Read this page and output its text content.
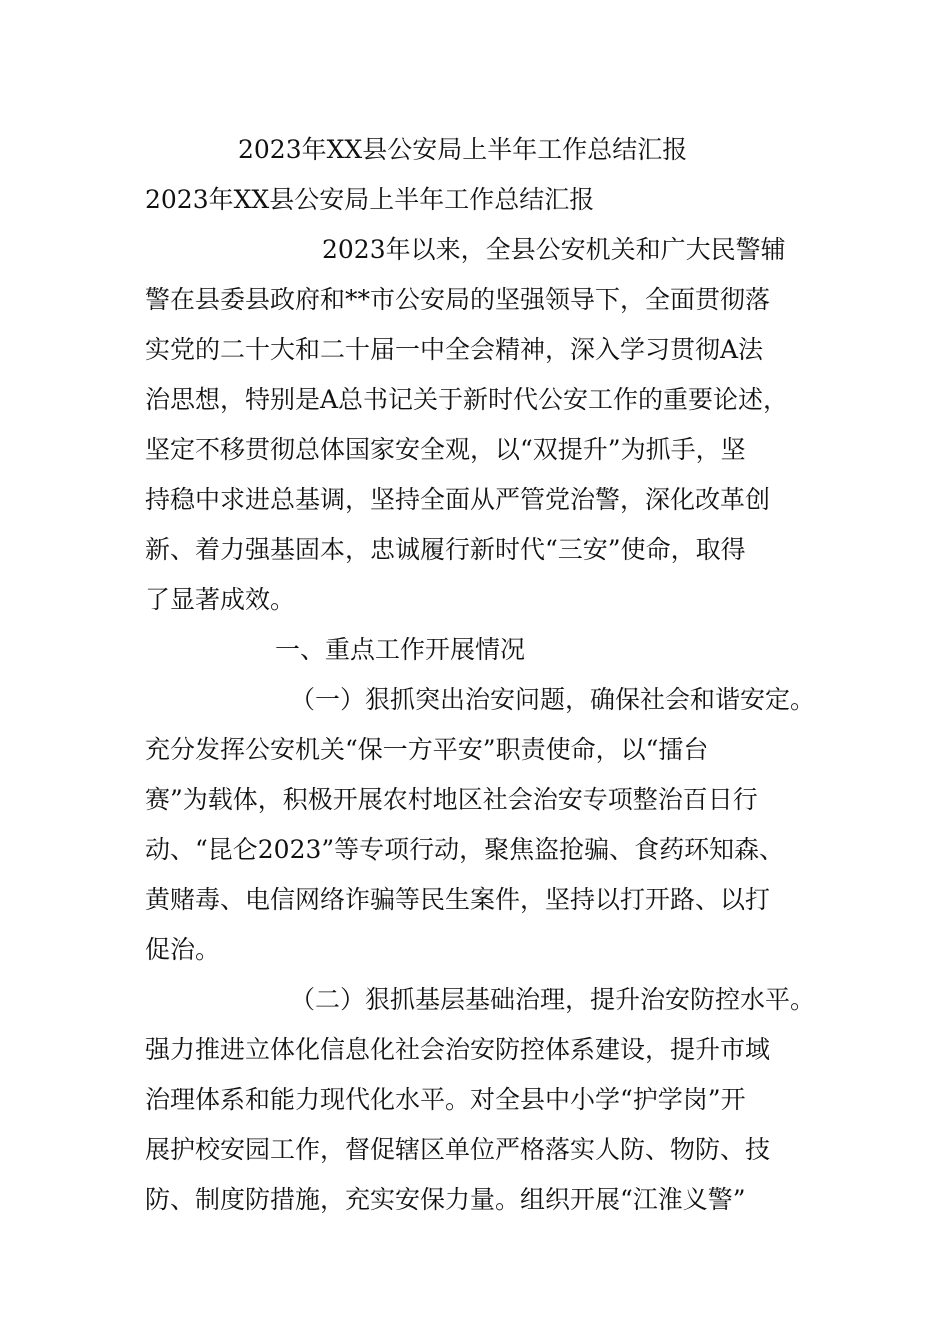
2023年XX县公安局上半年工作总结汇报
2023年XX县公安局上半年工作总结汇报
2023年以来，全县公安机关和广大民警辅
警在县委县政府和**市公安局的坚强领导下，全面贯彻落
实党的二十大和二十届一中全会精神，深入学习贯彻A法
治思想，特别是A总书记关于新时代公安工作的重要论述，
坚定不移贯彻总体国家安全观，以“双提升”为抓手，坚
持稳中求进总基调，坚持全面从严管党治警，深化改革创
新、着力强基固本，忠诚履行新时代“三安”使命，取得
了显著成效。
一、重点工作开展情况
（一）狠抓突出治安问题，确保社会和谐安定。
充分发挥公安机关“保一方平安”职责使命，以“擂台
赛”为载体，积极开展农村地区社会治安专项整治百日行
动、“昆仑2023”等专项行动，聚焦盗抢骗、食药环知森、
黄赌毒、电信网络诈骗等民生案件，坚持以打开路、以打
促治。
（二）狠抓基层基础治理，提升治安防控水平。
强力推进立体化信息化社会治安防控体系建设，提升市域
治理体系和能力现代化水平。对全县中小学“护学岗”开
展护校安园工作，督促辖区单位严格落实人防、物防、技
防、制度防措施，充实安保力量。组织开展“江淮义警”
